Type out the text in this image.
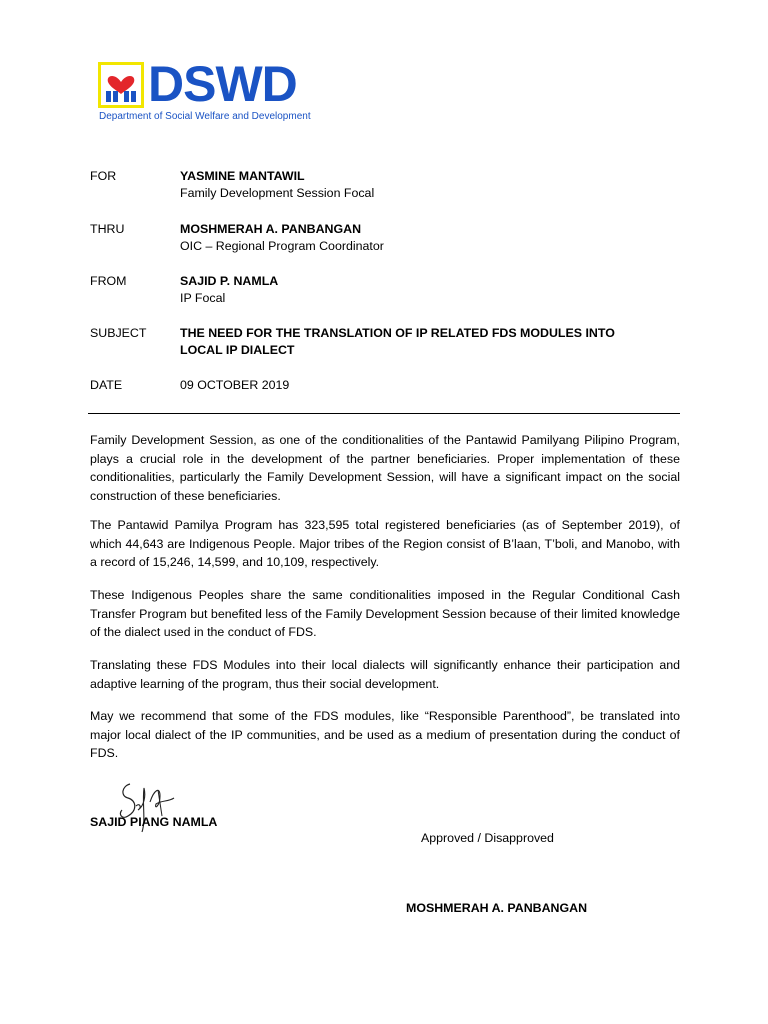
DSWD
Department of Social Welfare and Development
FOR	YASMINE MANTAWIL
Family Development Session Focal
THRU	MOSHMERAH A. PANBANGAN
OIC – Regional Program Coordinator
FROM	SAJID P. NAMLA
IP Focal
SUBJECT	THE NEED FOR THE TRANSLATION OF IP RELATED FDS MODULES INTO LOCAL IP DIALECT
DATE	09 OCTOBER 2019

Family Development Session, as one of the conditionalities of the Pantawid Pamilyang Pilipino Program, plays a crucial role in the development of the partner beneficiaries. Proper implementation of these conditionalities, particularly the Family Development Session, will have a significant impact on the social construction of these beneficiaries.

The Pantawid Pamilya Program has 323,595 total registered beneficiaries (as of September 2019), of which 44,643 are Indigenous People. Major tribes of the Region consist of B’laan, T’boli, and Manobo, with a record of 15,246, 14,599, and 10,109, respectively.

These Indigenous Peoples share the same conditionalities imposed in the Regular Conditional Cash Transfer Program but benefited less of the Family Development Session because of their limited knowledge of the dialect used in the conduct of FDS.

Translating these FDS Modules into their local dialects will significantly enhance their participation and adaptive learning of the program, thus their social development.

May we recommend that some of the FDS modules, like “Responsible Parenthood”, be translated into major local dialect of the IP communities, and be used as a medium of presentation during the conduct of FDS.

SAJID PIANG NAMLA
Approved / Disapproved
MOSHMERAH A. PANBANGAN
